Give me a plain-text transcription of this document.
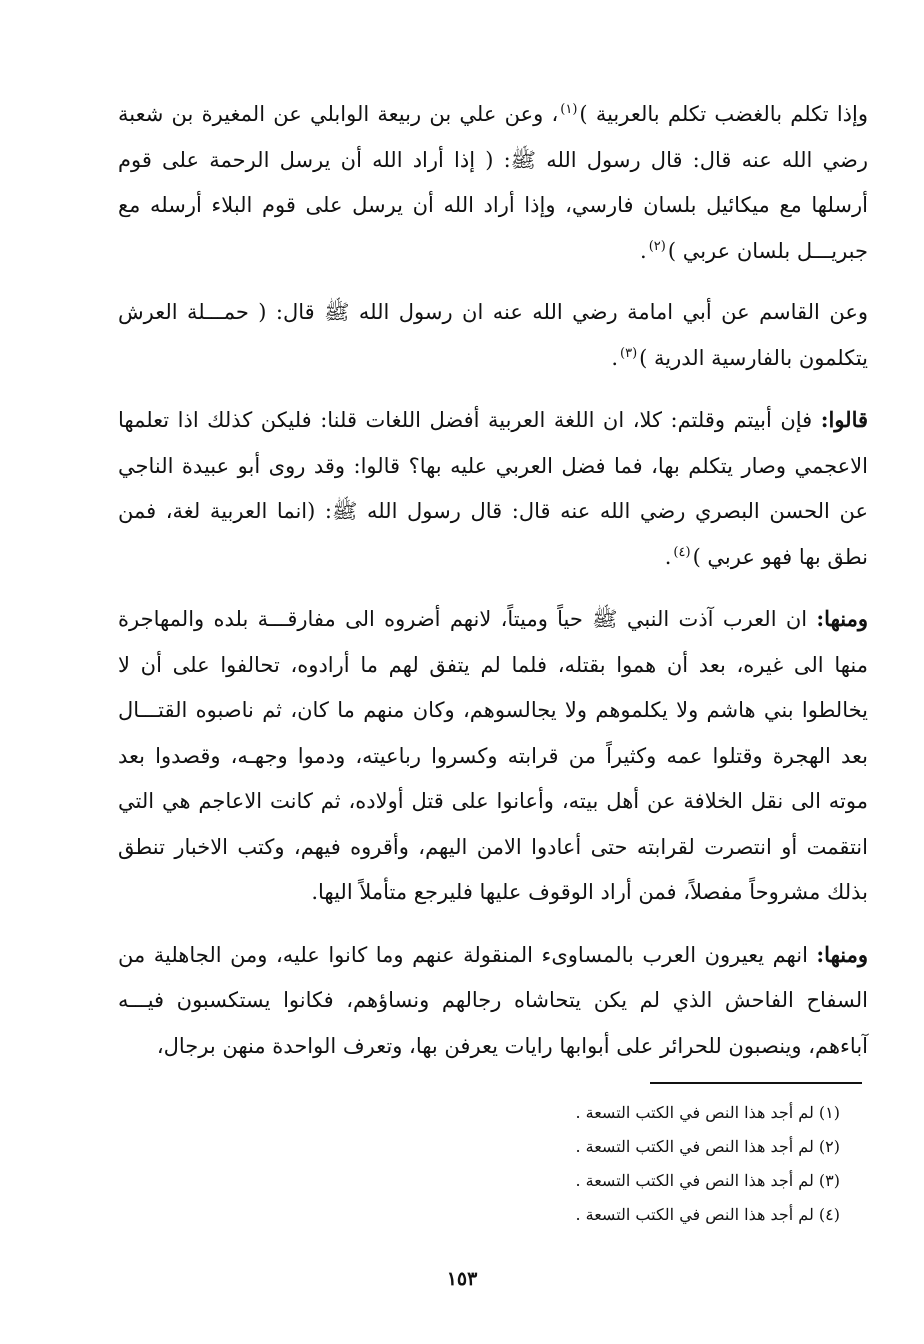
وإذا تكلم بالغضب تكلم بالعربية )$^{(١)}$، وعن علي بن ربيعة الوابلي عن المغيرة بن شعبة رضي الله عنه قال: قال رسول الله ﷺ: ( إذا أراد الله أن يرسل الرحمة على قوم أرسلها مع ميكائيل بلسان فارسي، وإذا أراد الله أن يرسل على قوم البلاء أرسله مع جبريـــل بلسان عربي )$^{(٢)}$.

وعن القاسم عن أبي امامة رضي الله عنه ان رسول الله ﷺ قال: ( حمـــلة العرش يتكلمون بالفارسية الدرية )$^{(٣)}$.

قالوا: فإن أبيتم وقلتم: كلا، ان اللغة العربية أفضل اللغات قلنا: فليكن كذلك اذا تعلمها الاعجمي وصار يتكلم بها، فما فضل العربي عليه بها؟ قالوا: وقد روى أبو عبيدة الناجي عن الحسن البصري رضي الله عنه قال: قال رسول الله ﷺ: (انما العربية لغة، فمن نطق بها فهو عربي )$^{(٤)}$.

ومنها: ان العرب آذت النبي ﷺ حياً وميتاً، لانهم أضروه الى مفارقـــة بلده والمهاجرة منها الى غيره، بعد أن هموا بقتله، فلما لم يتفق لهم ما أرادوه، تحالفوا على أن لا يخالطوا بني هاشم ولا يكلموهم ولا يجالسوهم، وكان منهم ما كان، ثم ناصبوه القتـــال بعد الهجرة وقتلوا عمه وكثيراً من قرابته وكسروا رباعيته، ودموا وجهـه، وقصدوا بعد موته الى نقل الخلافة عن أهل بيته، وأعانوا على قتل أولاده، ثم كانت الاعاجم هي التي انتقمت أو انتصرت لقرابته حتى أعادوا الامن اليهم، وأقروه فيهم، وكتب الاخبار تنطق بذلك مشروحاً مفصلاً، فمن أراد الوقوف عليها فليرجع متأملاً اليها.

ومنها: انهم يعيرون العرب بالمساوىء المنقولة عنهم وما كانوا عليه، ومن الجاهلية من السفاح الفاحش الذي لم يكن يتحاشاه رجالهم ونساؤهم، فكانوا يستكسبون فيـــه آباءهم، وينصبون للحرائر على أبوابها رايات يعرفن بها، وتعرف الواحدة منهن برجال،

(١) لم أجد هذا النص في الكتب التسعة .
(٢) لم أجد هذا النص في الكتب التسعة .
(٣) لم أجد هذا النص في الكتب التسعة .
(٤) لم أجد هذا النص في الكتب التسعة .
١٥٣
